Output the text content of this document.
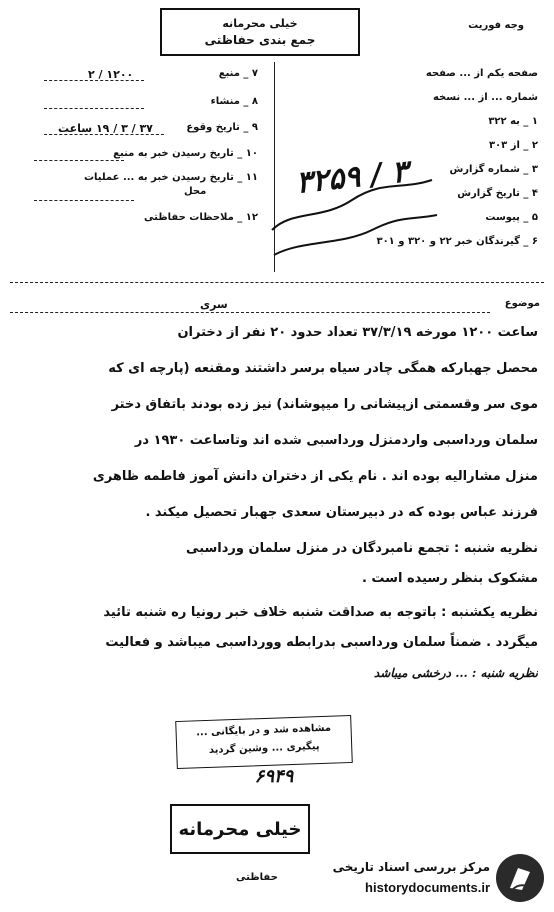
خیلی محرمانه
جمع بندی حفاظتی
وجه فوریت
صفحه یکم از ... صفحه
شماره ... از ... نسخه
۱ _ به ۳۲۲
۲ _ از ۳۰۳
۳ _ شماره گزارش
۴ _ تاریخ گزارش
۵ _ پیوست
۶ _ گیرندگان خبر ۲۲ و ۳۲۰ و ۳۰۱
۷ _ منبع
۸ _ منشاء
۹ _ تاریخ وقوع
۱۰ _ تاریخ رسیدن خبر به منبع
۱۱ _ تاریخ رسیدن خبر به ... عملیات
۱۲ _ ملاحظات حفاظتی
۱۲۰۰ / ۲
۳۷ / ۳ / ۱۹ ساعت
محل	۳۲۵۹ / ۳
موضوع
سری
ساعت ۱۲۰۰ مورخه ۳۷/۳/۱۹ تعداد حدود ۲۰ نفر از دختران
محصل جهبارکه همگی چادر سیاه برسر داشتند ومقنعه (پارچه ای که
موی سر وقسمتی ازپیشانی را میپوشاند) نیز زده بودند باتفاق دختر
سلمان ورداسبی واردمنزل ورداسبی شده اند وتاساعت ۱۹۳۰ در
منزل مشارالیه بوده اند . نام یکی از دختران دانش آموز فاطمه ظاهری
فرزند عباس بوده که در دبیرستان سعدی جهبار تحصیل میکند .
نظریه شنبه : تجمع نامبردگان در منزل سلمان ورداسبی
مشکوک بنظر رسیده است .
نظریه یکشنبه : باتوجه به صداقت شنبه خلاف خبر رونیا ره شنبه تائید
میگردد . ضمناً سلمان ورداسبی بدرابطه وورداسبی میباشد و فعالیت
نظریه شنبه : ... درخشی میباشد
مشاهده شد و در بایگانی ...
پیگیری ... وشین گردید
۶۹۴۹
خیلی محرمانه
حفاظتی
مرکز بررسی اسناد تاریخی
historydocuments.ir
